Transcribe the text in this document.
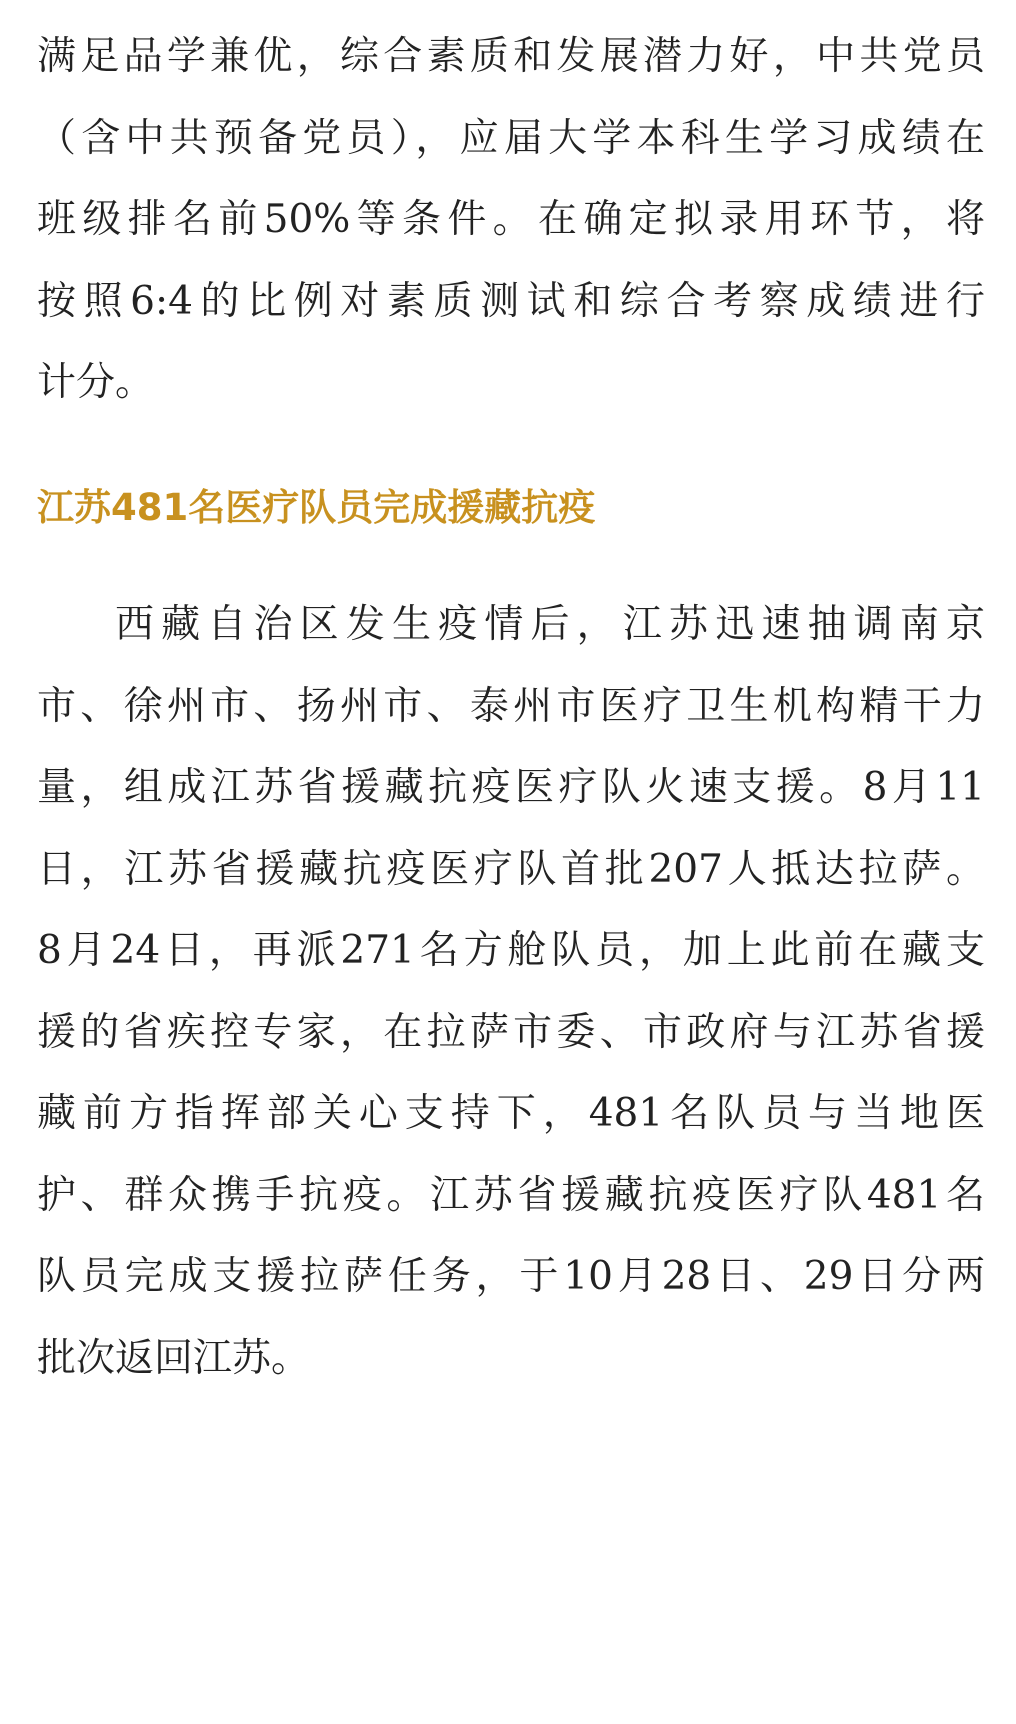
满足品学兼优，综合素质和发展潜力好，中共党员
（含中共预备党员），应届大学本科生学习成绩在
班级排名前50%等条件。在确定拟录用环节，将
按照6:4的比例对素质测试和综合考察成绩进行
计分。
江苏481名医疗队员完成援藏抗疫
西藏自治区发生疫情后，江苏迅速抽调南京
市、徐州市、扬州市、泰州市医疗卫生机构精干力
量，组成江苏省援藏抗疫医疗队火速支援。8月11
日，江苏省援藏抗疫医疗队首批207人抵达拉萨。
8月24日，再派271名方舱队员，加上此前在藏支
援的省疾控专家，在拉萨市委、市政府与江苏省援
藏前方指挥部关心支持下，481名队员与当地医
护、群众携手抗疫。江苏省援藏抗疫医疗队481名
队员完成支援拉萨任务，于10月28日、29日分两
批次返回江苏。
